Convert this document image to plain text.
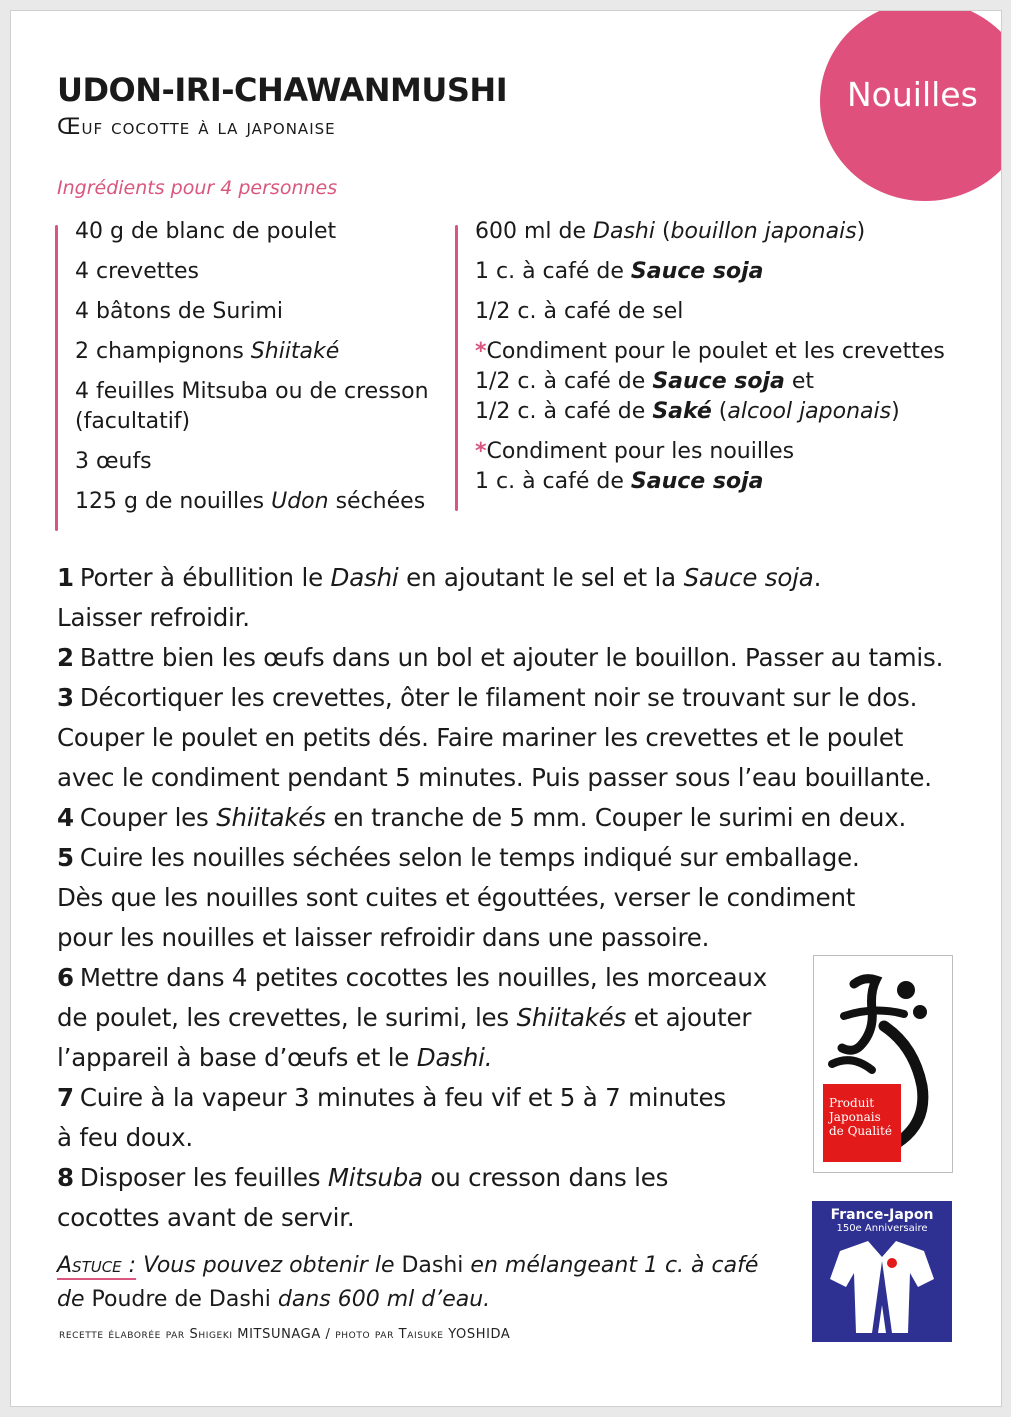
Nouilles
UDON-IRI-CHAWANMUSHI
Œuf cocotte à la japonaise
Ingrédients pour 4 personnes
40 g de blanc de poulet
4 crevettes
4 bâtons de Surimi
2 champignons Shiitaké
4 feuilles Mitsuba ou de cresson
(facultatif)
3 œufs
125 g de nouilles Udon séchées
600 ml de Dashi (bouillon japonais)
1 c. à café de Sauce soja
1/2 c. à café de sel
*Condiment pour le poulet et les crevettes
1/2 c. à café de Sauce soja et
1/2 c. à café de Saké (alcool japonais)
*Condiment pour les nouilles
1 c. à café de Sauce soja

1 Porter à ébullition le Dashi en ajoutant le sel et la Sauce soja.

Laisser refroidir.

2 Battre bien les œufs dans un bol et ajouter le bouillon. Passer au tamis.

3 Décortiquer les crevettes, ôter le filament noir se trouvant sur le dos.

Couper le poulet en petits dés. Faire mariner les crevettes et le poulet

avec le condiment pendant 5 minutes. Puis passer sous l’eau bouillante.

4 Couper les Shiitakés en tranche de 5 mm. Couper le surimi en deux.

5 Cuire les nouilles séchées selon le temps indiqué sur emballage.

Dès que les nouilles sont cuites et égouttées, verser le condiment

pour les nouilles et laisser refroidir dans une passoire.

6 Mettre dans 4 petites cocottes les nouilles, les morceaux

de poulet, les crevettes, le surimi, les Shiitakés et ajouter

l’appareil à base d’œufs et le Dashi.

7 Cuire à la vapeur 3 minutes à feu vif et 5 à 7 minutes

à feu doux.

8 Disposer les feuilles Mitsuba ou cresson dans les

cocottes avant de servir.

Astuce : Vous pouvez obtenir le Dashi en mélangeant 1 c. à café
de Poudre de Dashi dans 600 ml d’eau.
recette élaborée par Shigeki MITSUNAGA / photo par Taisuke YOSHIDA
Produit
Japonais
de Qualité
France-Japon
150e Anniversaire
